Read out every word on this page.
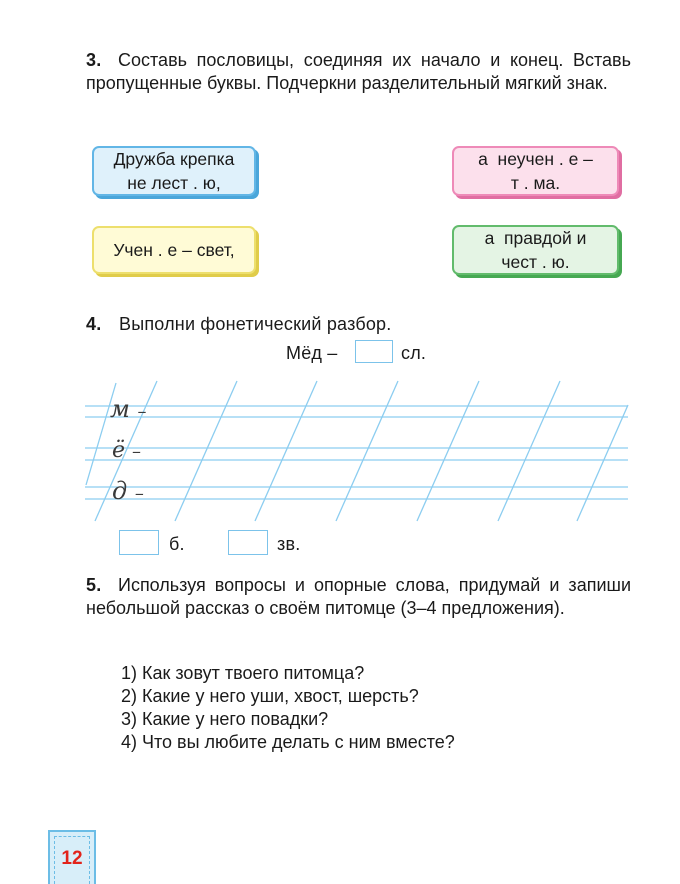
Составь пословицы, соединяя их начало и конец. Вставь пропущенные буквы. Подчеркни разделительный мягкий знак.

3.
Дружба крепка
не лест . ю,
а  неучен . е –
т . ма.
Учен . е – свет,
а  правдой и
чест . ю.
4. Выполни фонетический разбор.
Мёд –	сл.
м –
ё –
д –
б.	зв.

Используя вопросы и опорные слова, придумай и запиши небольшой рассказ о своём питомце (3–4 предложения).

5.

1) Как зовут твоего питомца?

2) Какие у него уши, хвост, шерсть?

3) Какие у него повадки?

4) Что вы любите делать с ним вместе?

12
